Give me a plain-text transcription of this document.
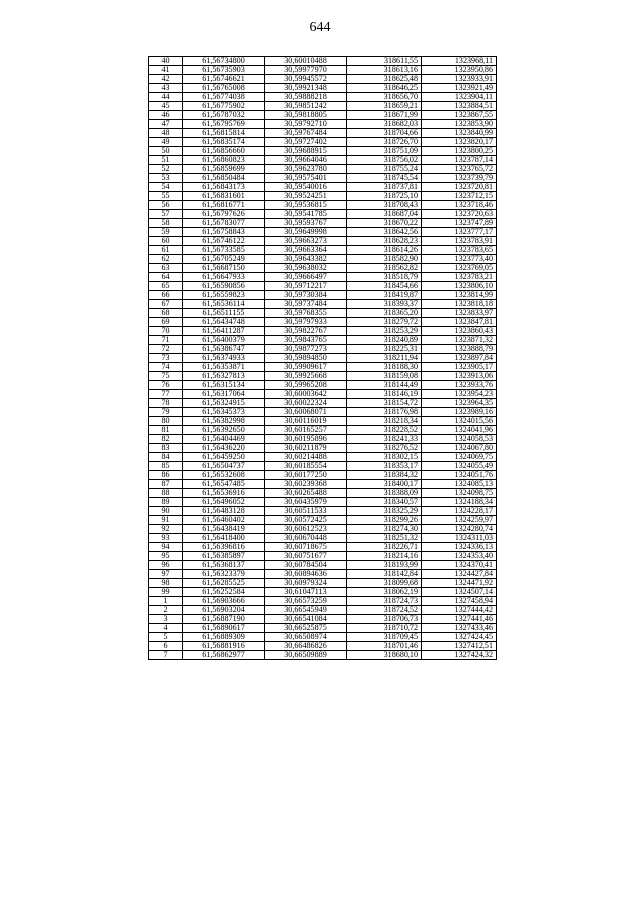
644
40	61,56734800	30,60010488	318611,55	1323968,11
41	61,56735903	30,59977970	318613,16	1323950,86
42	61,56746621	30,59945572	318625,48	1323933,91
43	61,56765008	30,59921348	318646,25	1323921,49
44	61,56774038	30,59888218	318656,70	1323904,11
45	61,56775902	30,59851242	318659,21	1323884,51
46	61,56787032	30,59818805	318671,99	1323867,55
47	61,56795769	30,59792710	318682,03	1323853,90
48	61,56815814	30,59767484	318704,66	1323840,99
49	61,56835174	30,59727402	318726,70	1323820,17
50	61,56856660	30,59688915	318751,09	1323800,25
51	61,56860823	30,59664046	318756,02	1323787,14
52	61,56859699	30,59623780	318755,24	1323765,72
53	61,56850484	30,59575401	318745,54	1323739,79
54	61,56843173	30,59540016	318737,81	1323720,81
55	61,56831601	30,59524251	318725,10	1323712,15
56	61,56816771	30,59536815	318708,43	1323718,46
57	61,56797626	30,59541785	318687,04	1323720,63
58	61,56783077	30,59593767	318670,22	1323747,89
59	61,56758843	30,59649998	318642,56	1323777,17
60	61,56746122	30,59663273	318628,23	1323783,91
61	61,56733585	30,59663364	318614,26	1323783,65
62	61,56705249	30,59643382	318582,90	1323773,40
63	61,56687150	30,59638032	318562,82	1323769,05
64	61,56647933	30,59666497	318518,79	1323783,21
65	61,56590856	30,59712217	318454,66	1323806,10
66	61,56559823	30,59730384	318419,87	1323814,99
67	61,56536114	30,59737484	318393,37	1323818,18
68	61,56511155	30,59768355	318365,20	1323833,97
69	61,56434748	30,59797933	318279,72	1323847,81
70	61,56411287	30,59822767	318253,29	1323860,43
71	61,56400379	30,59843765	318240,89	1323871,32
72	61,56386747	30,59877273	318225,31	1323888,79
73	61,56374933	30,59894850	318211,94	1323897,84
74	61,56353871	30,59909617	318188,30	1323905,17
75	61,56327813	30,59925668	318159,08	1323913,06
76	61,56315134	30,59965208	318144,49	1323933,76
77	61,56317064	30,60003642	318146,19	1323954,23
78	61,56324915	30,60022324	318154,72	1323964,35
79	61,56345373	30,60068071	318176,98	1323989,16
80	61,56382998	30,60116019	318218,34	1324015,56
81	61,56392650	30,60165257	318228,52	1324041,96
82	61,56404469	30,60195896	318241,33	1324058,53
83	61,56436220	30,60211879	318276,52	1324067,80
84	61,56459250	30,60214488	318302,15	1324069,75
85	61,56504737	30,60185554	318353,17	1324055,49
86	61,56532608	30,60177250	318384,32	1324051,76
87	61,56547485	30,60239368	318400,17	1324085,13
88	61,56536916	30,60265488	318388,09	1324098,75
89	61,56496052	30,60435979	318340,57	1324188,34
90	61,56483128	30,60511533	318325,29	1324228,17
91	61,56460402	30,60572425	318299,26	1324259,97
92	61,56438419	30,60612523	318274,30	1324280,74
93	61,56418400	30,60670448	318251,32	1324311,03
94	61,56396816	30,60718675	318226,71	1324336,13
95	61,56385897	30,60751677	318214,16	1324353,40
96	61,56368137	30,60784504	318193,99	1324370,41
97	61,56323379	30,60894636	318142,84	1324427,84
98	61,56285525	30,60979324	318099,68	1324471,92
99	61,56252584	30,61047113	318062,19	1324507,14
1	61,56903666	30,66573259	318724,73	1327458,94
2	61,56903204	30,66545949	318724,52	1327444,42
3	61,56887190	30,66541084	318706,73	1327441,46
4	61,56890617	30,66525875	318710,72	1327433,46
5	61,56889309	30,66508974	318709,45	1327424,45
6	61,56881916	30,66486826	318701,46	1327412,51
7	61,56862977	30,66509889	318680,10	1327424,32
